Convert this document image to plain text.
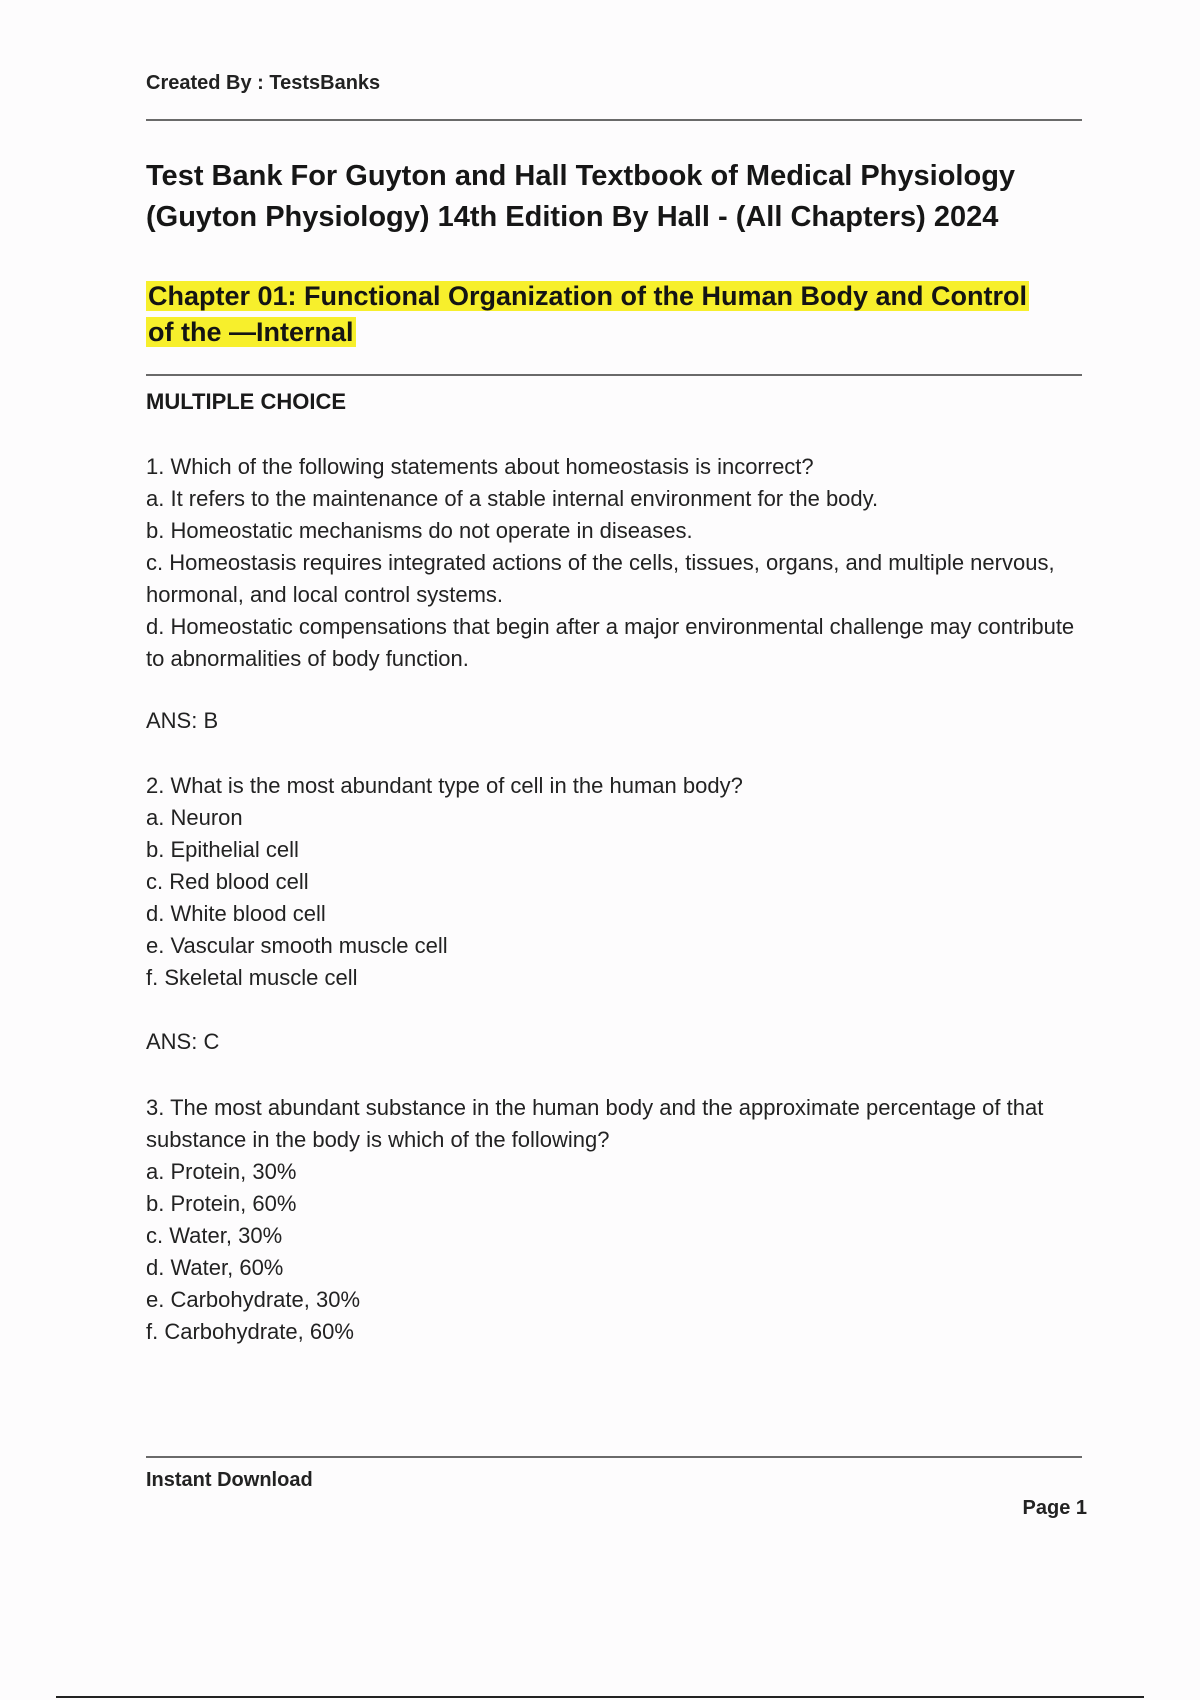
Created By : TestsBanks
Test Bank For Guyton and Hall Textbook of Medical Physiology
(Guyton Physiology) 14th Edition By Hall - (All Chapters) 2024
Chapter 01: Functional Organization of the Human Body and Control
of the —Internal
MULTIPLE CHOICE
1. Which of the following statements about homeostasis is incorrect?
a. It refers to the maintenance of a stable internal environment for the body.
b. Homeostatic mechanisms do not operate in diseases.
c. Homeostasis requires integrated actions of the cells, tissues, organs, and multiple nervous, hormonal, and local control systems.
d. Homeostatic compensations that begin after a major environmental challenge may contribute to abnormalities of body function.
ANS: B
2. What is the most abundant type of cell in the human body?
a. Neuron
b. Epithelial cell
c. Red blood cell
d. White blood cell
e. Vascular smooth muscle cell
f. Skeletal muscle cell
ANS: C
3. The most abundant substance in the human body and the approximate percentage of that substance in the body is which of the following?
a. Protein, 30%
b. Protein, 60%
c. Water, 30%
d. Water, 60%
e. Carbohydrate, 30%
f. Carbohydrate, 60%
Instant Download
Page 1
